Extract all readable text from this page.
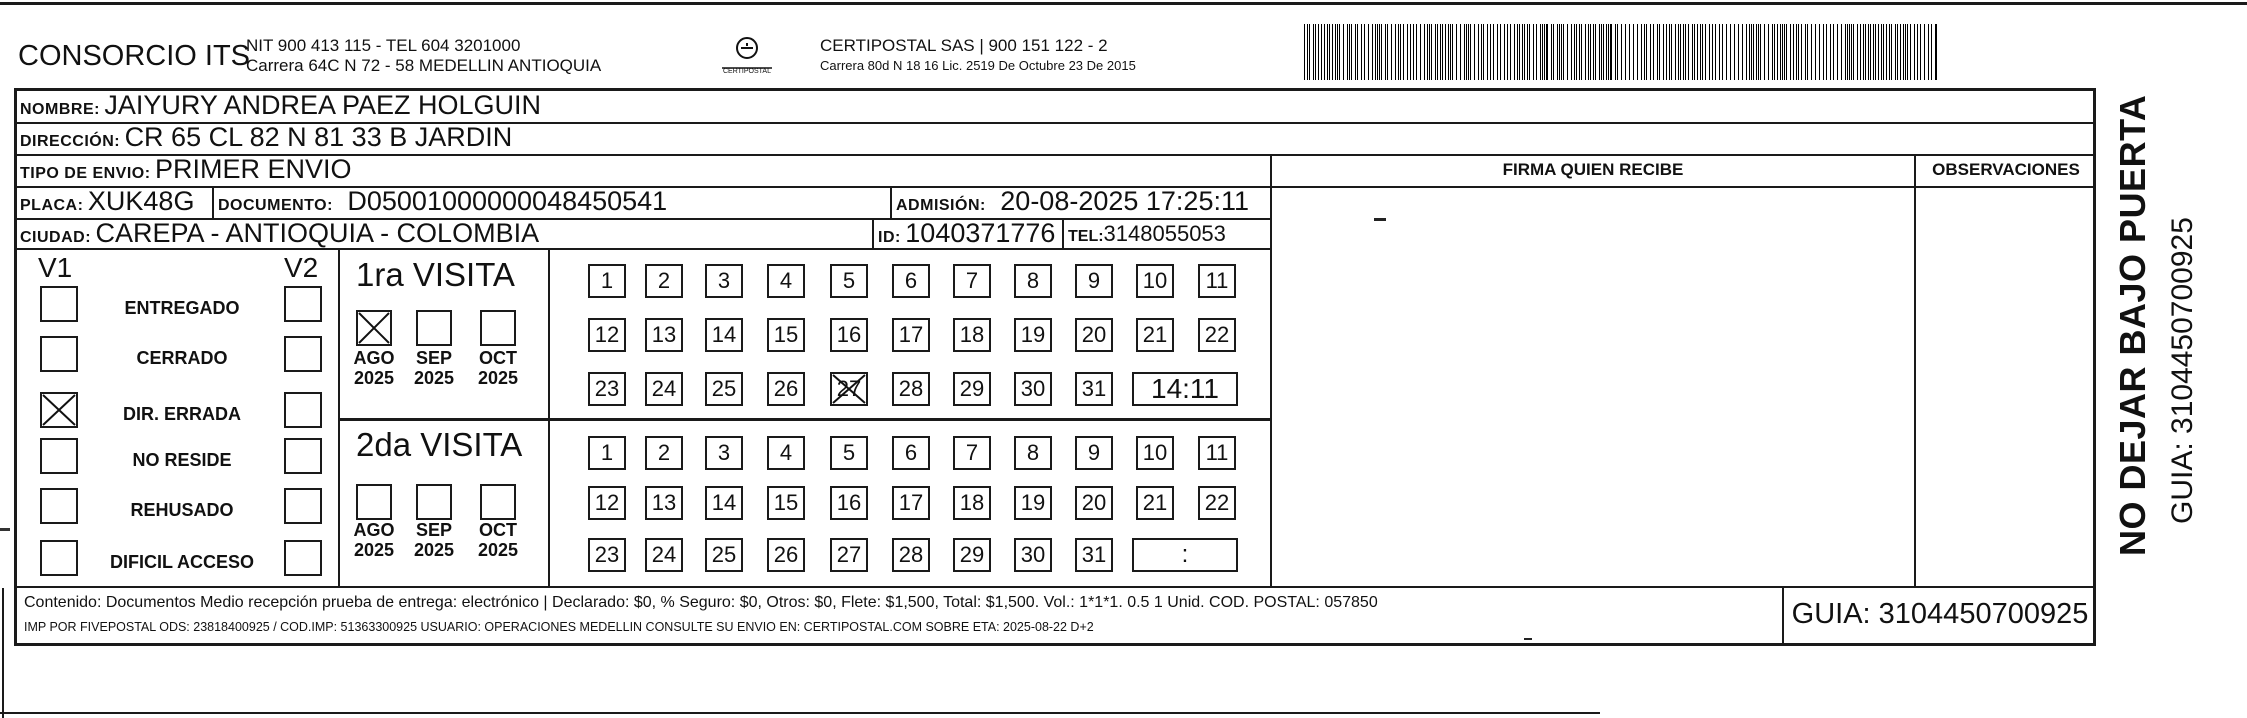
CONSORCIO ITS
NIT 900 413 115 - TEL 604 3201000
Carrera 64C N 72 - 58 MEDELLIN ANTIOQUIA	CERTIPOSTAL
CERTIPOSTAL SAS | 900 151 122 - 2
Carrera 80d N 18 16 Lic. 2519 De Octubre 23 De 2015
NOMBRE: JAIYURY ANDREA PAEZ HOLGUIN
DIRECCIÓN: CR 65 CL 82 N 81 33 B JARDIN
TIPO DE ENVIO: PRIMER ENVIO	FIRMA QUIEN RECIBE	OBSERVACIONES
PLACA: XUK48G DOCUMENTO: D05001000000048450541	ADMISIÓN: 20-08-2025 17:25:11
CIUDAD: CAREPA - ANTIOQUIA - COLOMBIA	ID: 1040371776 TEL:3148055053
V1	V2 1ra VISITA
2da VISITA
Contenido: Documentos Medio recepción prueba de entrega: electrónico | Declarado: $0, % Seguro: $0, Otros: $0, Flete: $1,500, Total: $1,500. Vol.: 1*1*1. 0.5 1 Unid. COD. POSTAL: 057850
IMP POR FIVEPOSTAL ODS: 23818400925 / COD.IMP: 51363300925 USUARIO: OPERACIONES MEDELLIN CONSULTE SU ENVIO EN: CERTIPOSTAL.COM SOBRE ETA: 2025-08-22 D+2	GUIA: 3104450700925
NO DEJAR BAJO PUERTA GUIA: 3104450700925
ENTREGADO
CERRADO
DIR. ERRADA
NO RESIDE
REHUSADO
DIFICIL ACCESO
AGO
2025
SEP
2025
OCT
2025
AGO
2025
SEP
2025
OCT
2025
1	2	3	4	5	6	7	8	9	10	11
12	13	14	15	16	17	18	19	20	21	22
23	24	25	26	27	28	29	30	31	14:11
1	2	3	4	5	6	7	8	9	10	11
12	13	14	15	16	17	18	19	20	21	22
23	24	25	26	27	28	29	30	31	:
